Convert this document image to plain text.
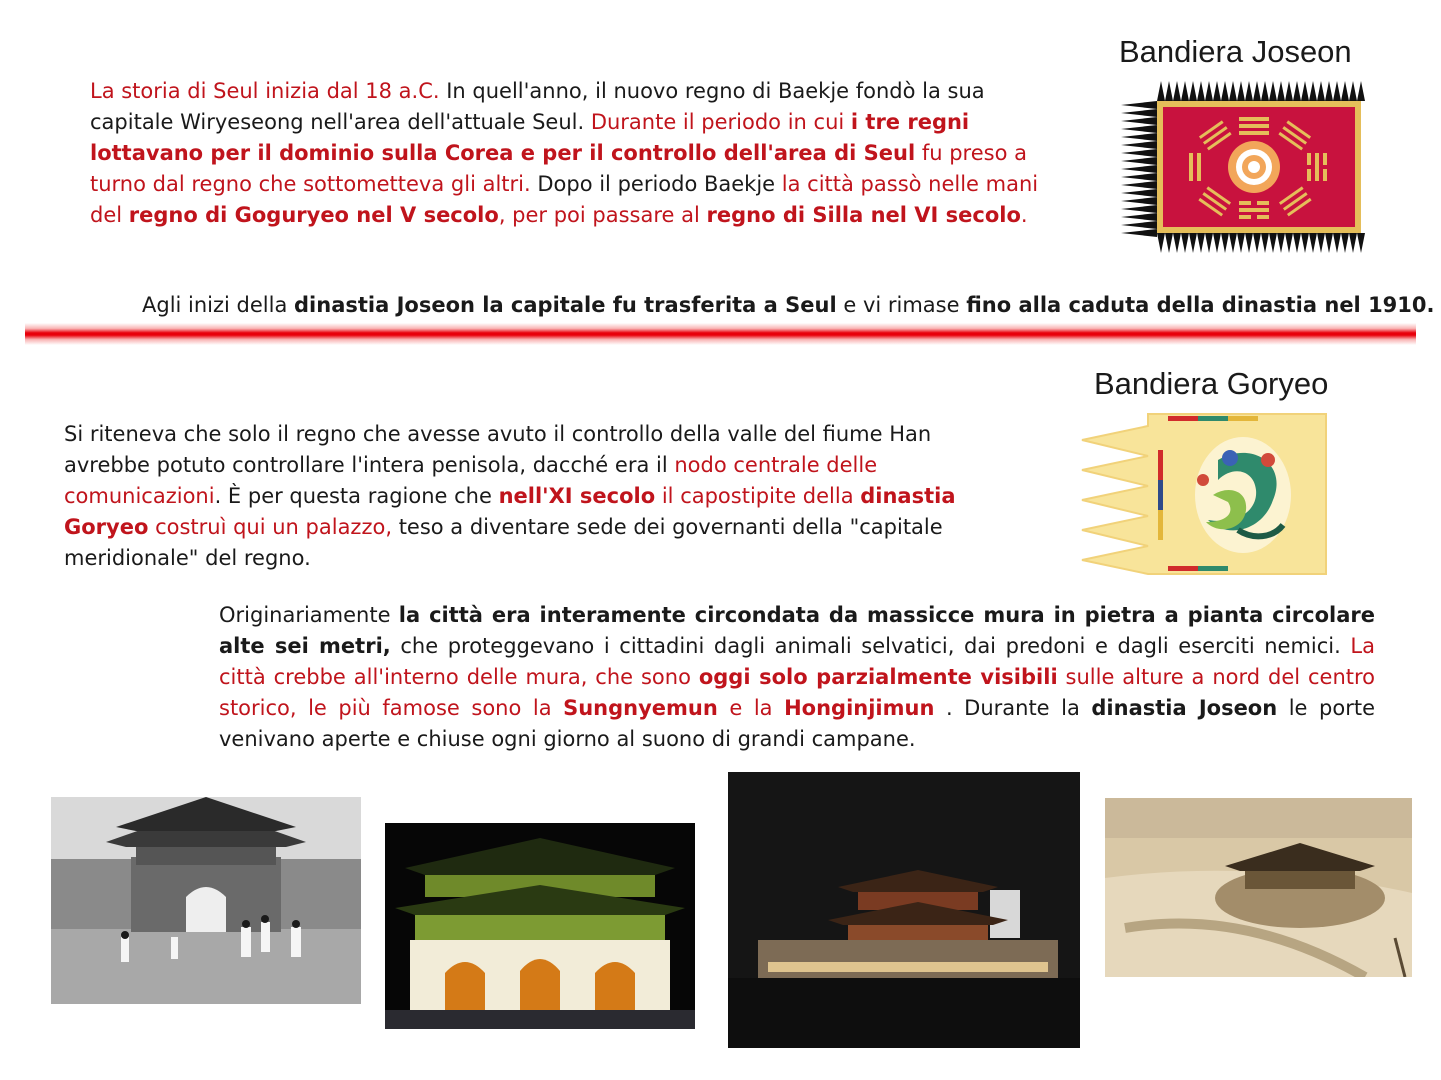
La storia di Seul inizia dal 18 a.C. In quell'anno, il nuovo regno di Baekje fondò la sua capitale Wiryeseong nell'area dell'attuale Seul. Durante il periodo in cui i tre regni lottavano per il dominio sulla Corea e per il controllo dell'area di Seul fu preso a turno dal regno che sottometteva gli altri. Dopo il periodo Baekje la città passò nelle mani del regno di Goguryeo nel V secolo, per poi passare al regno di Silla nel VI secolo.
Bandiera Joseon
Agli inizi della dinastia Joseon la capitale fu trasferita a Seul e vi rimase fino alla caduta della dinastia nel 1910.
Bandiera Goryeo
Si riteneva che solo il regno che avesse avuto il controllo della valle del fiume Han avrebbe potuto controllare l'intera penisola, dacché era il nodo centrale delle comunicazioni. È per questa ragione che nell'XI secolo il capostipite della dinastia Goryeo costruì qui un palazzo, teso a diventare sede dei governanti della "capitale meridionale" del regno.
Originariamente la città era interamente circondata da massicce mura in pietra a pianta circolare alte sei metri, che proteggevano i cittadini dagli animali selvatici, dai predoni e dagli eserciti nemici. La città crebbe all'interno delle mura, che sono oggi solo parzialmente visibili sulle alture a nord del centro storico, le più famose sono la Sungnyemun e la Honginjimun . Durante la dinastia Joseon le porte venivano aperte e chiuse ogni giorno al suono di grandi campane.
